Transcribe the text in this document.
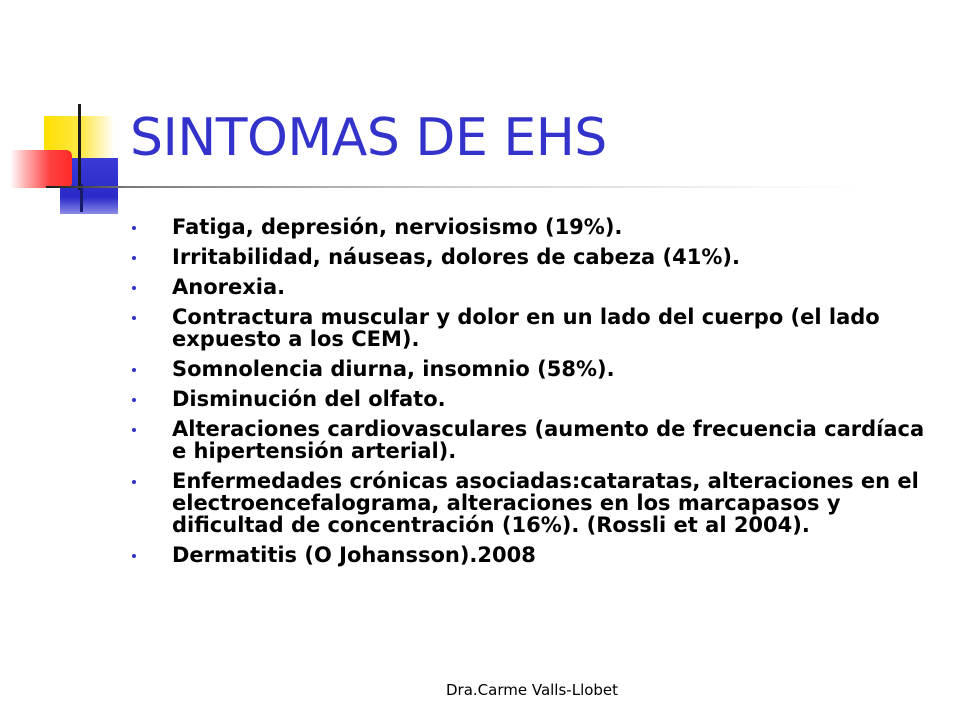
SINTOMAS DE EHS
Fatiga, depresión, nerviosismo (19%).
Irritabilidad, náuseas, dolores de cabeza (41%).
Anorexia.
Contractura muscular y dolor en un lado del cuerpo (el lado expuesto a los CEM).
Somnolencia diurna, insomnio (58%).
Disminución del olfato.
Alteraciones cardiovasculares (aumento de frecuencia cardíaca e hipertensión arterial).
Enfermedades crónicas asociadas:cataratas, alteraciones en el electroencefalograma, alteraciones en los marcapasos y dificultad de concentración (16%). (Rossli et al 2004).
Dermatitis (O Johansson).2008
Dra.Carme Valls-Llobet
